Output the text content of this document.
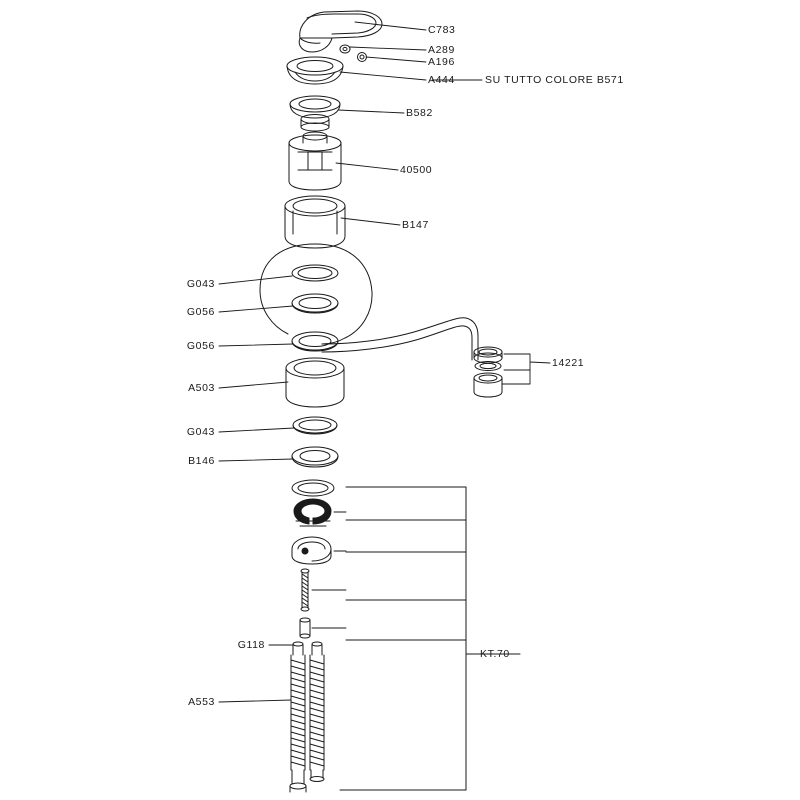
C783
A289
A196
A444	SU TUTTO COLORE B571
B582
40500
B147
G043
G056
G056
A503
14221
G043
B146
G118
A553
KT.70
